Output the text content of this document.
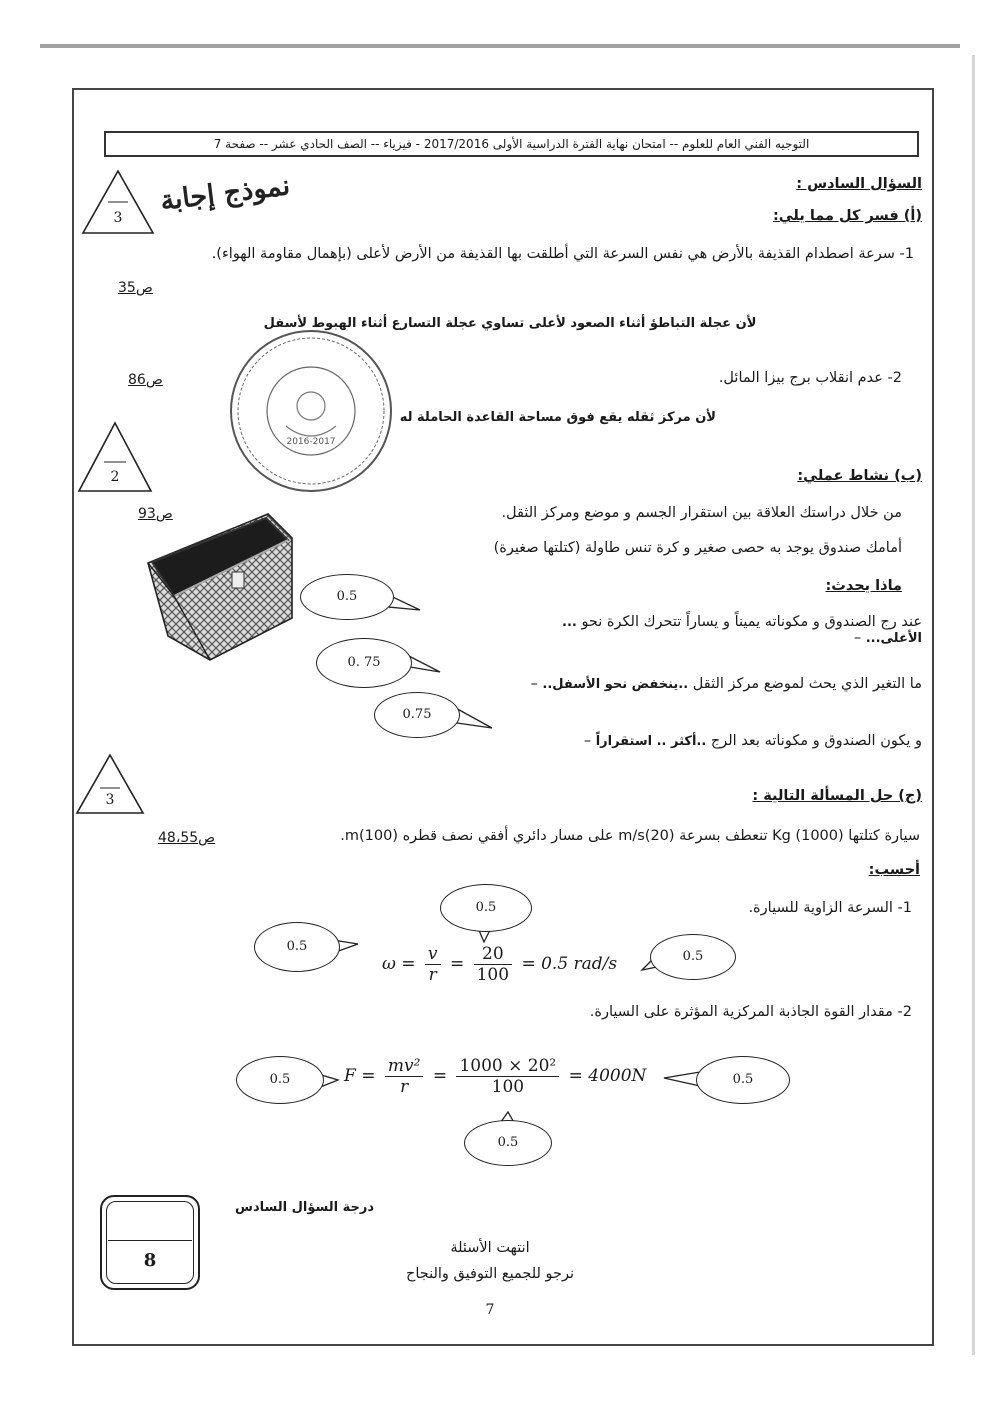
التوجيه الفني العام للعلوم -- امتحان نهاية الفترة الدراسية الأولى 2017/2016 - فيزياء -- الصف الحادي عشر -- صفحة 7
نموذج إجابة
3
السؤال السادس :
(أ) فسر كل مما يلي:
1- سرعة اصطدام القذيفة بالأرض هي نفس السرعة التي أطلقت بها القذيفة من الأرض لأعلى (بإهمال مقاومة الهواء).
ص35
لأن عجلة التباطؤ أثناء الصعود لأعلى تساوي عجلة التسارع أثناء الهبوط لأسفل
2016-2017
2- عدم انقلاب برج بيزا المائل.
ص86
لأن مركز ثقله يقع فوق مساحة القاعدة الحاملة له
2	(ب) نشاط عملي:
ص93	من خلال دراستك العلاقة بين استقرار الجسم و موضع ومركز الثقل.
أمامك صندوق يوجد به حصى صغير و كرة تنس طاولة (كتلتها صغيرة)
ماذا يحدث:
عند رج الصندوق و مكوناته يميناً و يساراً تتحرك الكرة نحو ... الأعلى... –
ما التغير الذي يحث لموضع مركز الثقل ..ينخفض نحو الأسفل.. –
و يكون الصندوق و مكوناته بعد الرج ..أكثر .. استقراراً –
0.5
0. 75
0.75
3	(ج) حل المسألة التالية :
سيارة كتلتها (1000) Kg تنعطف بسرعة (20)m/s على مسار دائري أفقي نصف قطره (100)m.
ص48،55
أحسب:
1- السرعة الزاوية للسيارة.
$\omega = \frac{v}{r} = \frac{20}{100} = 0.5$ rad/s
0.5
0.5
0.5
2- مقدار القوة الجاذبة المركزية المؤثرة على السيارة.
$F = \frac{\text{mv²}}{r} = \frac{\text{1000 × 20²}}{100} = 4000N$
0.5	0.5
0.5
درجة السؤال السادس
8
انتهت الأسئلة
نرجو للجميع التوفيق والنجاح
7
